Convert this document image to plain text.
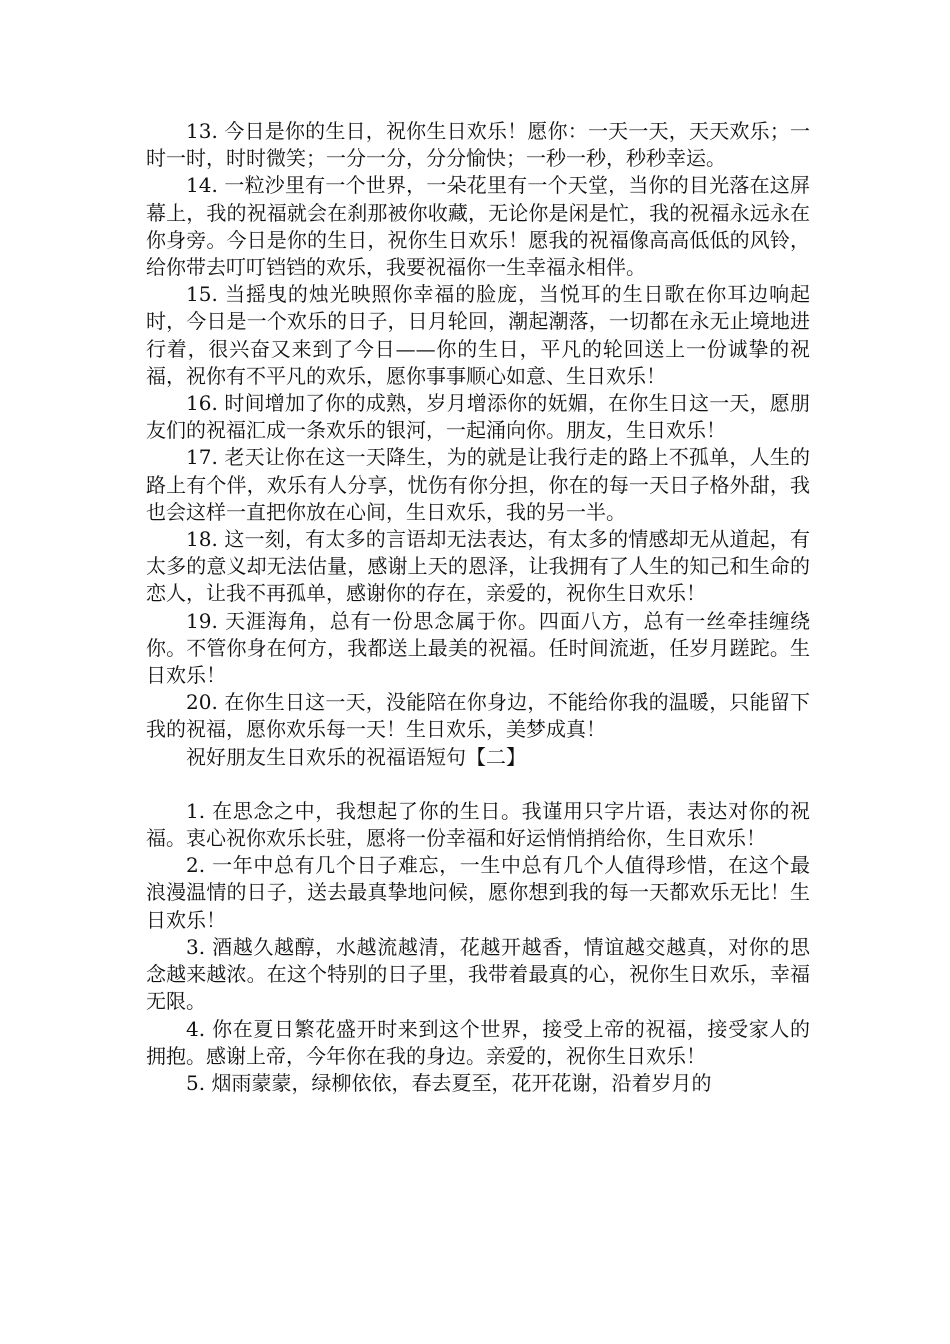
13. 今日是你的生日，祝你生日欢乐！愿你：一天一天，天天欢乐；一时一时，时时微笑；一分一分，分分愉快；一秒一秒，秒秒幸运。

14. 一粒沙里有一个世界，一朵花里有一个天堂，当你的目光落在这屏幕上，我的祝福就会在刹那被你收藏，无论你是闲是忙，我的祝福永远永在你身旁。今日是你的生日，祝你生日欢乐！愿我的祝福像高高低低的风铃，给你带去叮叮铛铛的欢乐，我要祝福你一生幸福永相伴。

15. 当摇曳的烛光映照你幸福的脸庞，当悦耳的生日歌在你耳边响起时，今日是一个欢乐的日子，日月轮回，潮起潮落，一切都在永无止境地进行着，很兴奋又来到了今日——你的生日，平凡的轮回送上一份诚挚的祝福，祝你有不平凡的欢乐，愿你事事顺心如意、生日欢乐！

16. 时间增加了你的成熟，岁月增添你的妩媚，在你生日这一天，愿朋友们的祝福汇成一条欢乐的银河，一起涌向你。朋友，生日欢乐！

17. 老天让你在这一天降生，为的就是让我行走的路上不孤单，人生的路上有个伴，欢乐有人分享，忧伤有你分担，你在的每一天日子格外甜，我也会这样一直把你放在心间，生日欢乐，我的另一半。

18. 这一刻，有太多的言语却无法表达，有太多的情感却无从道起，有太多的意义却无法估量，感谢上天的恩泽，让我拥有了人生的知己和生命的恋人，让我不再孤单，感谢你的存在，亲爱的，祝你生日欢乐！

19. 天涯海角，总有一份思念属于你。四面八方，总有一丝牵挂缠绕你。不管你身在何方，我都送上最美的祝福。任时间流逝，任岁月蹉跎。生日欢乐！

20. 在你生日这一天，没能陪在你身边，不能给你我的温暖，只能留下我的祝福，愿你欢乐每一天！生日欢乐，美梦成真！

祝好朋友生日欢乐的祝福语短句【二】

1. 在思念之中，我想起了你的生日。我谨用只字片语，表达对你的祝福。衷心祝你欢乐长驻，愿将一份幸福和好运悄悄捎给你，生日欢乐！

2. 一年中总有几个日子难忘，一生中总有几个人值得珍惜，在这个最浪漫温情的日子，送去最真挚地问候，愿你想到我的每一天都欢乐无比！生日欢乐！

3. 酒越久越醇，水越流越清，花越开越香，情谊越交越真，对你的思念越来越浓。在这个特别的日子里，我带着最真的心，祝你生日欢乐，幸福无限。

4. 你在夏日繁花盛开时来到这个世界，接受上帝的祝福，接受家人的拥抱。感谢上帝，今年你在我的身边。亲爱的，祝你生日欢乐！

5. 烟雨蒙蒙，绿柳依依，春去夏至，花开花谢，沿着岁月的
